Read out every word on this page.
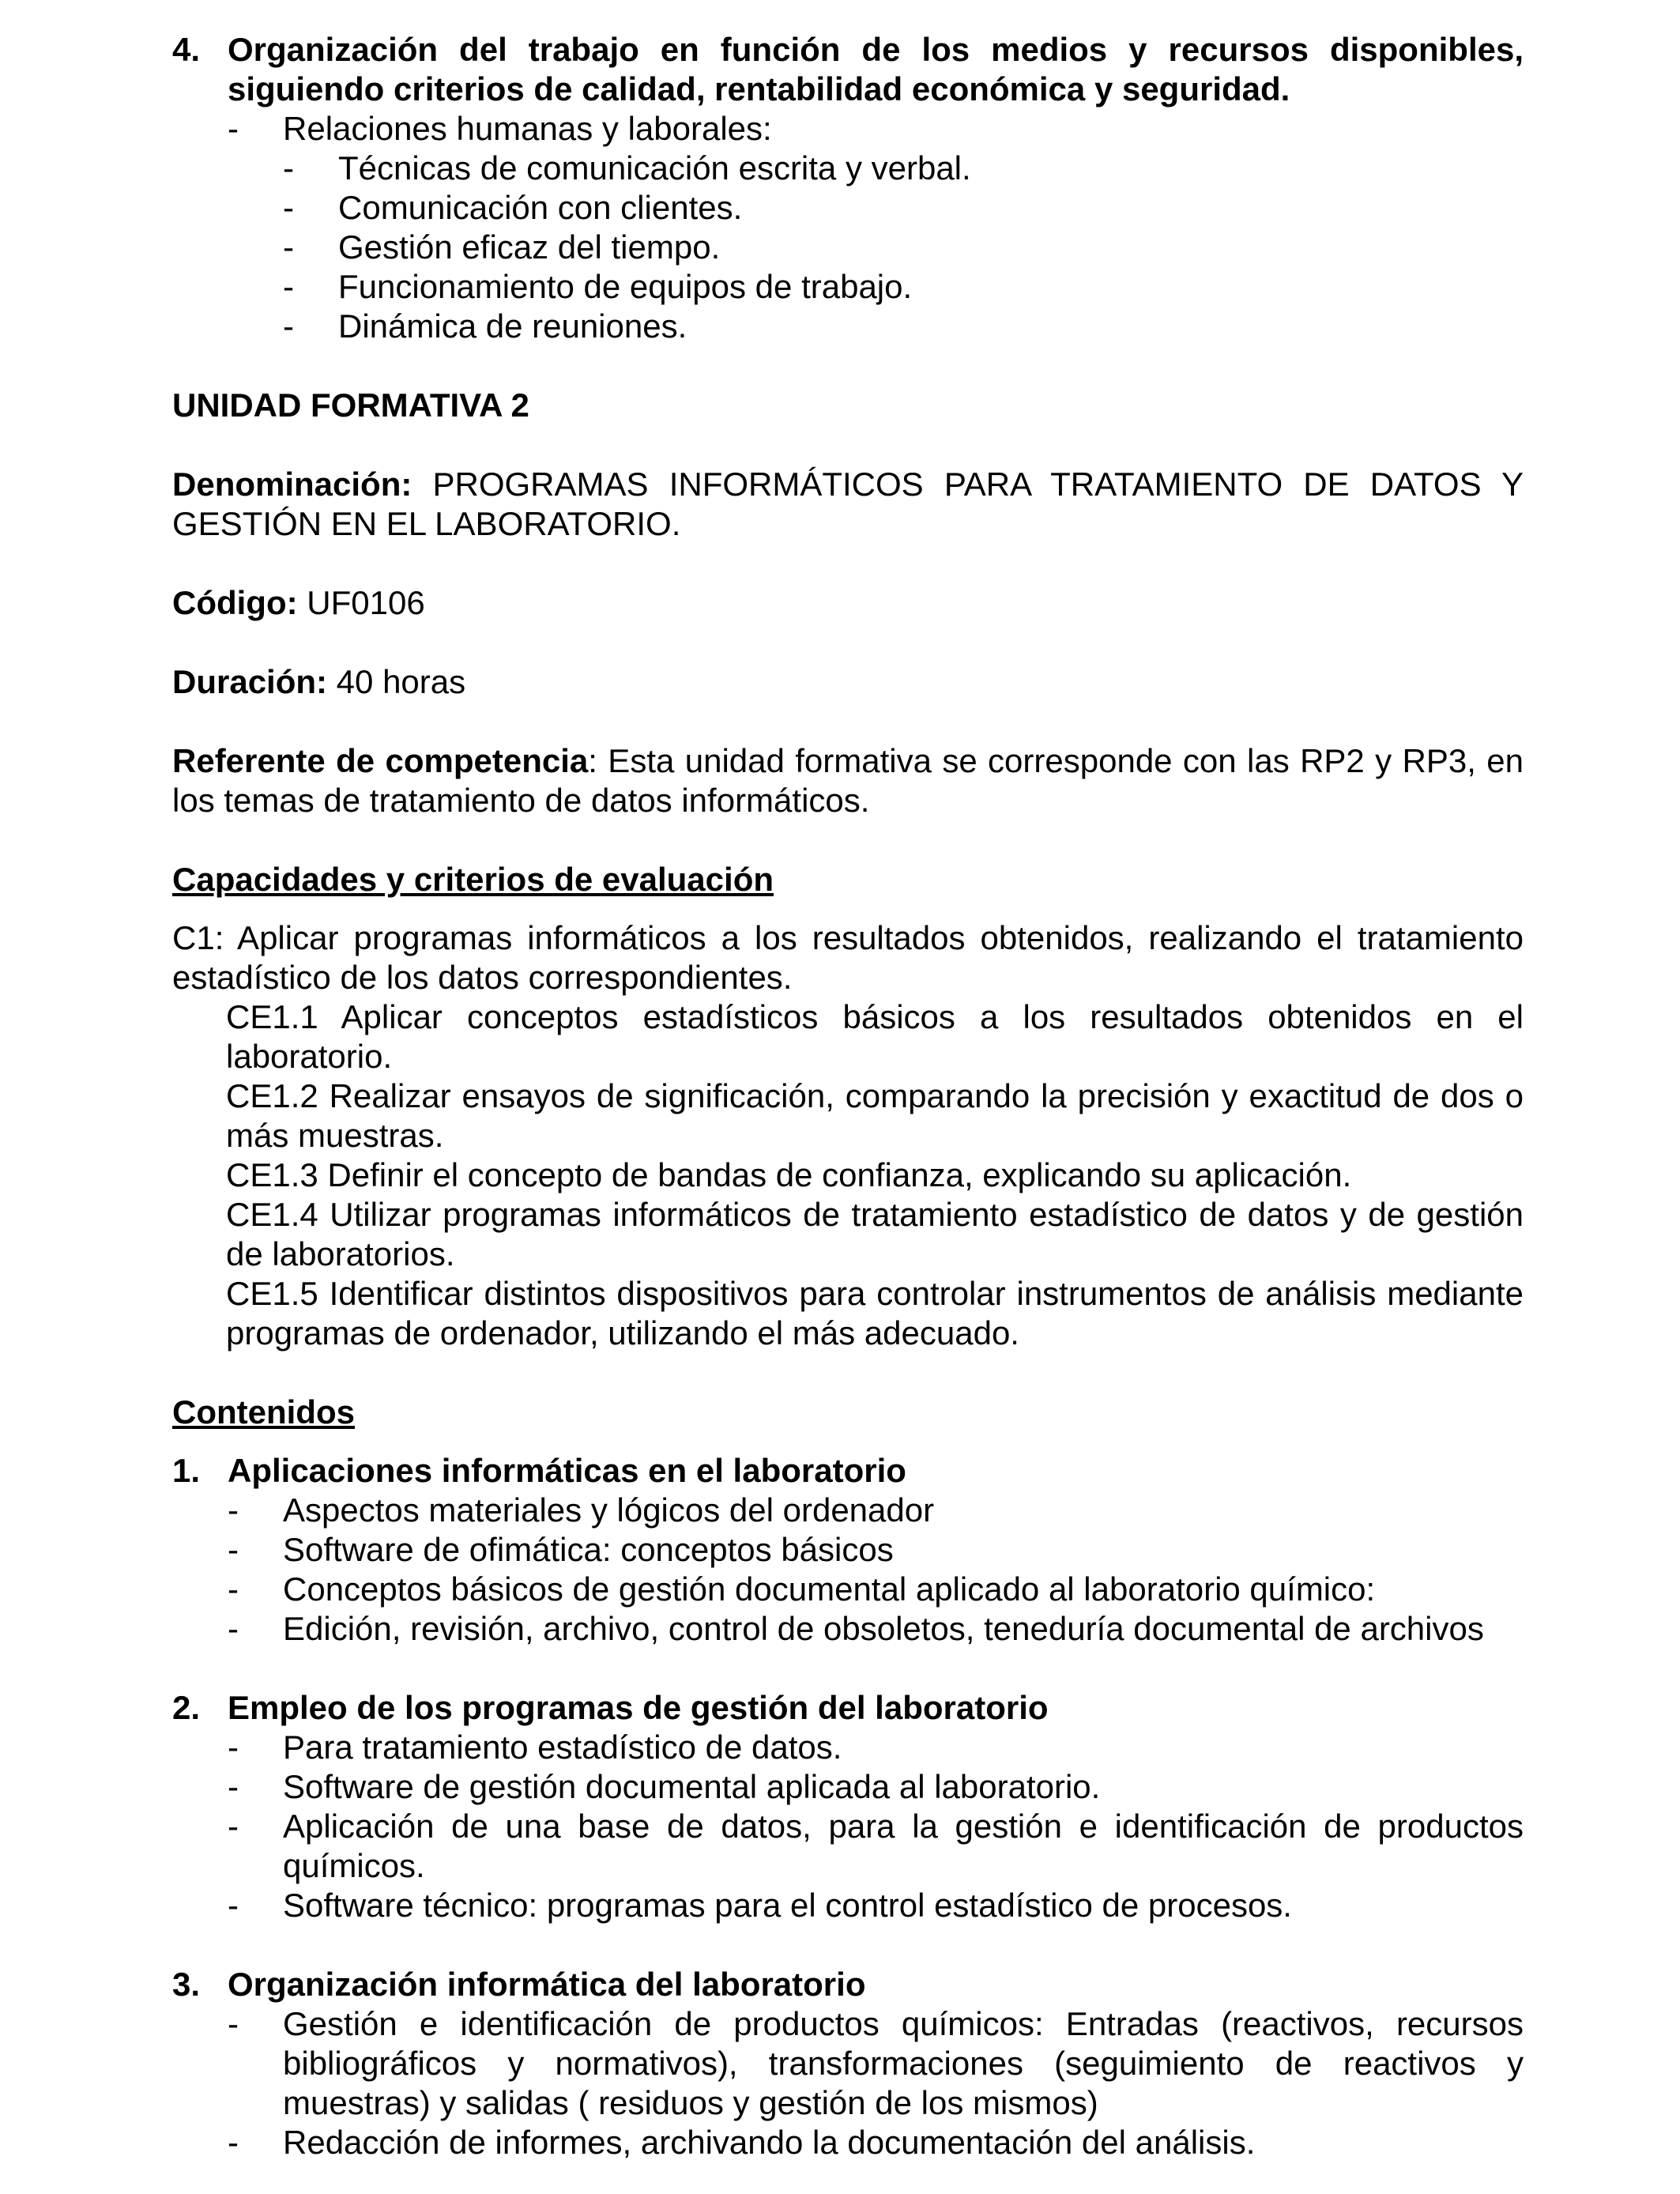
4. Organización del trabajo en función de los medios y recursos disponibles, siguiendo criterios de calidad, rentabilidad económica y seguridad.

- Relaciones humanas y laborales:
- Técnicas de comunicación escrita y verbal.
- Comunicación con clientes.
- Gestión eficaz del tiempo.
- Funcionamiento de equipos de trabajo.
- Dinámica de reuniones.

UNIDAD FORMATIVA 2

Denominación: PROGRAMAS INFORMÁTICOS PARA TRATAMIENTO DE DATOS Y GESTIÓN EN EL LABORATORIO.

Código: UF0106

Duración: 40 horas

Referente de competencia: Esta unidad formativa se corresponde con las RP2 y RP3, en los temas de tratamiento de datos informáticos.

Capacidades y criterios de evaluación

C1: Aplicar programas informáticos a los resultados obtenidos, realizando el tratamiento estadístico de los datos correspondientes.

CE1.1 Aplicar conceptos estadísticos básicos a los resultados obtenidos en el laboratorio.

CE1.2 Realizar ensayos de significación, comparando la precisión y exactitud de dos o más muestras.

CE1.3 Definir el concepto de bandas de confianza, explicando su aplicación.

CE1.4 Utilizar programas informáticos de tratamiento estadístico de datos y de gestión de laboratorios.

CE1.5 Identificar distintos dispositivos para controlar instrumentos de análisis mediante programas de ordenador, utilizando el más adecuado.

Contenidos

1. Aplicaciones informáticas en el laboratorio

- Aspectos materiales y lógicos del ordenador
- Software de ofimática: conceptos básicos
- Conceptos básicos de gestión documental aplicado al laboratorio químico:
- Edición, revisión, archivo, control de obsoletos, teneduría documental de archivos
2. Empleo de los programas de gestión del laboratorio

- Para tratamiento estadístico de datos.
- Software de gestión documental aplicada al laboratorio.
- Aplicación de una base de datos, para la gestión e identificación de productos químicos.
- Software técnico: programas para el control estadístico de procesos.
3. Organización informática del laboratorio

- Gestión e identificación de productos químicos: Entradas (reactivos, recursos bibliográficos y normativos), transformaciones (seguimiento de reactivos y muestras) y salidas ( residuos y gestión de los mismos)
- Redacción de informes, archivando la documentación del análisis.
